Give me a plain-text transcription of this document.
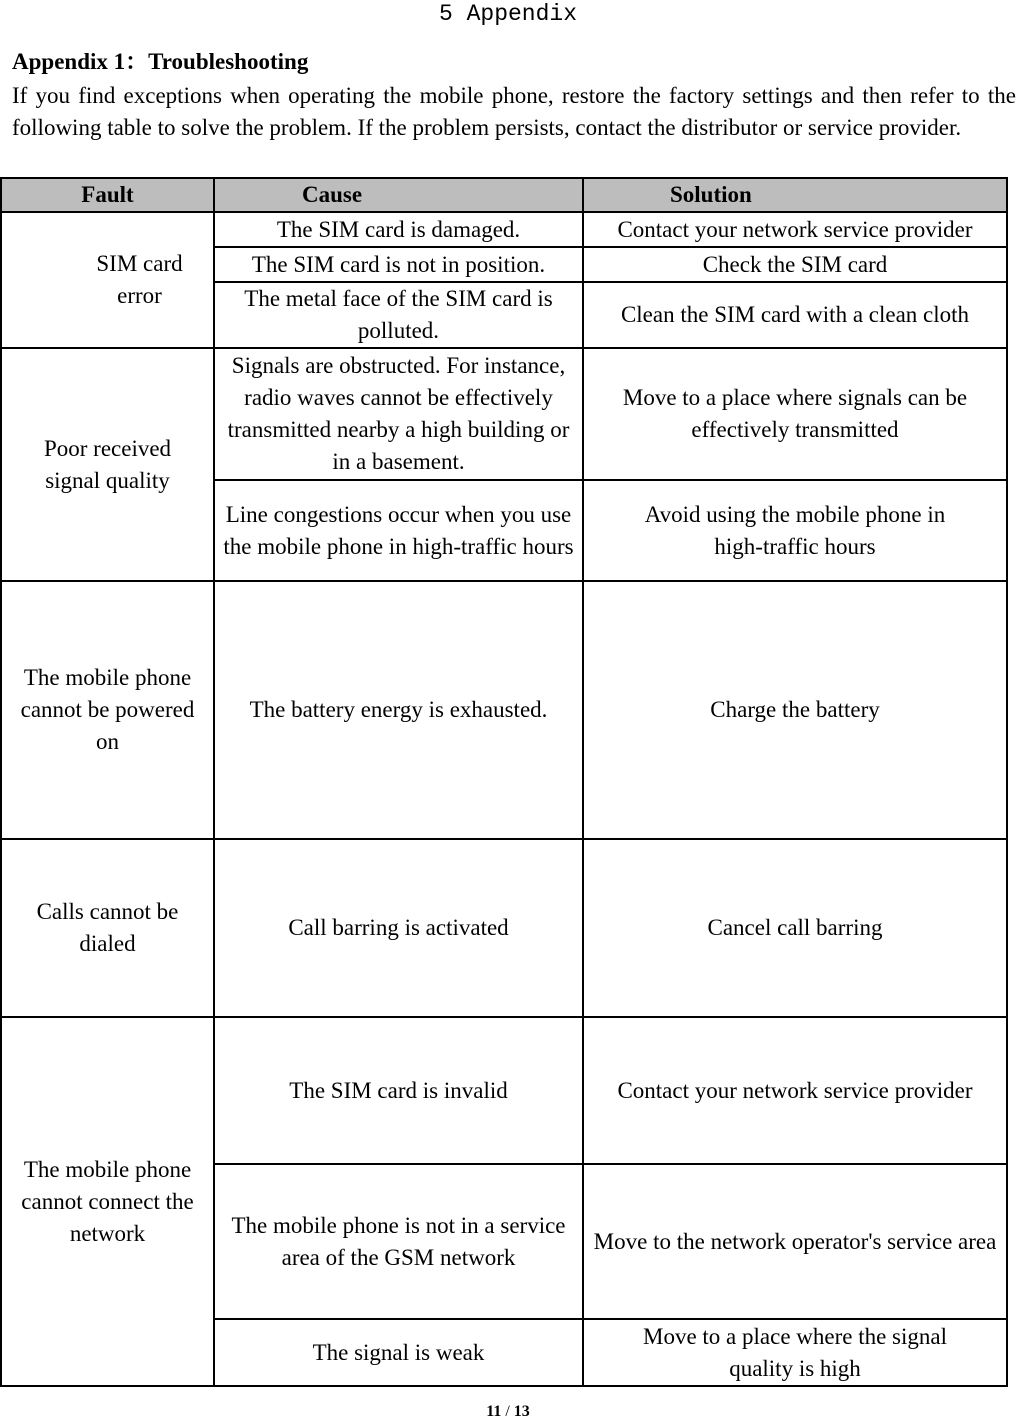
5 Appendix
Appendix 1：Troubleshooting

If you find exceptions when operating the mobile phone, restore the factory settings and then refer to the following table to solve the problem. If the problem persists, contact the distributor or service provider.

Fault	Cause	Solution
SIM card error	The SIM card is damaged.	Contact your network service provider
	The SIM card is not in position.	Check the SIM card
	The metal face of the SIM card is polluted.	Clean the SIM card with a clean cloth
Poor received signal quality	Signals are obstructed. For instance, radio waves cannot be effectively transmitted nearby a high building or in a basement.	Move to a place where signals can be effectively transmitted
	Line congestions occur when you use the mobile phone in high-traffic hours	Avoid using the mobile phone in high-traffic hours
The mobile phone cannot be powered on	The battery energy is exhausted.	Charge the battery
Calls cannot be dialed	Call barring is activated	Cancel call barring
The mobile phone cannot connect the network	The SIM card is invalid	Contact your network service provider
	The mobile phone is not in a service area of the GSM network	Move to the network operator's service area
	The signal is weak	Move to a place where the signal quality is high
11 / 13
